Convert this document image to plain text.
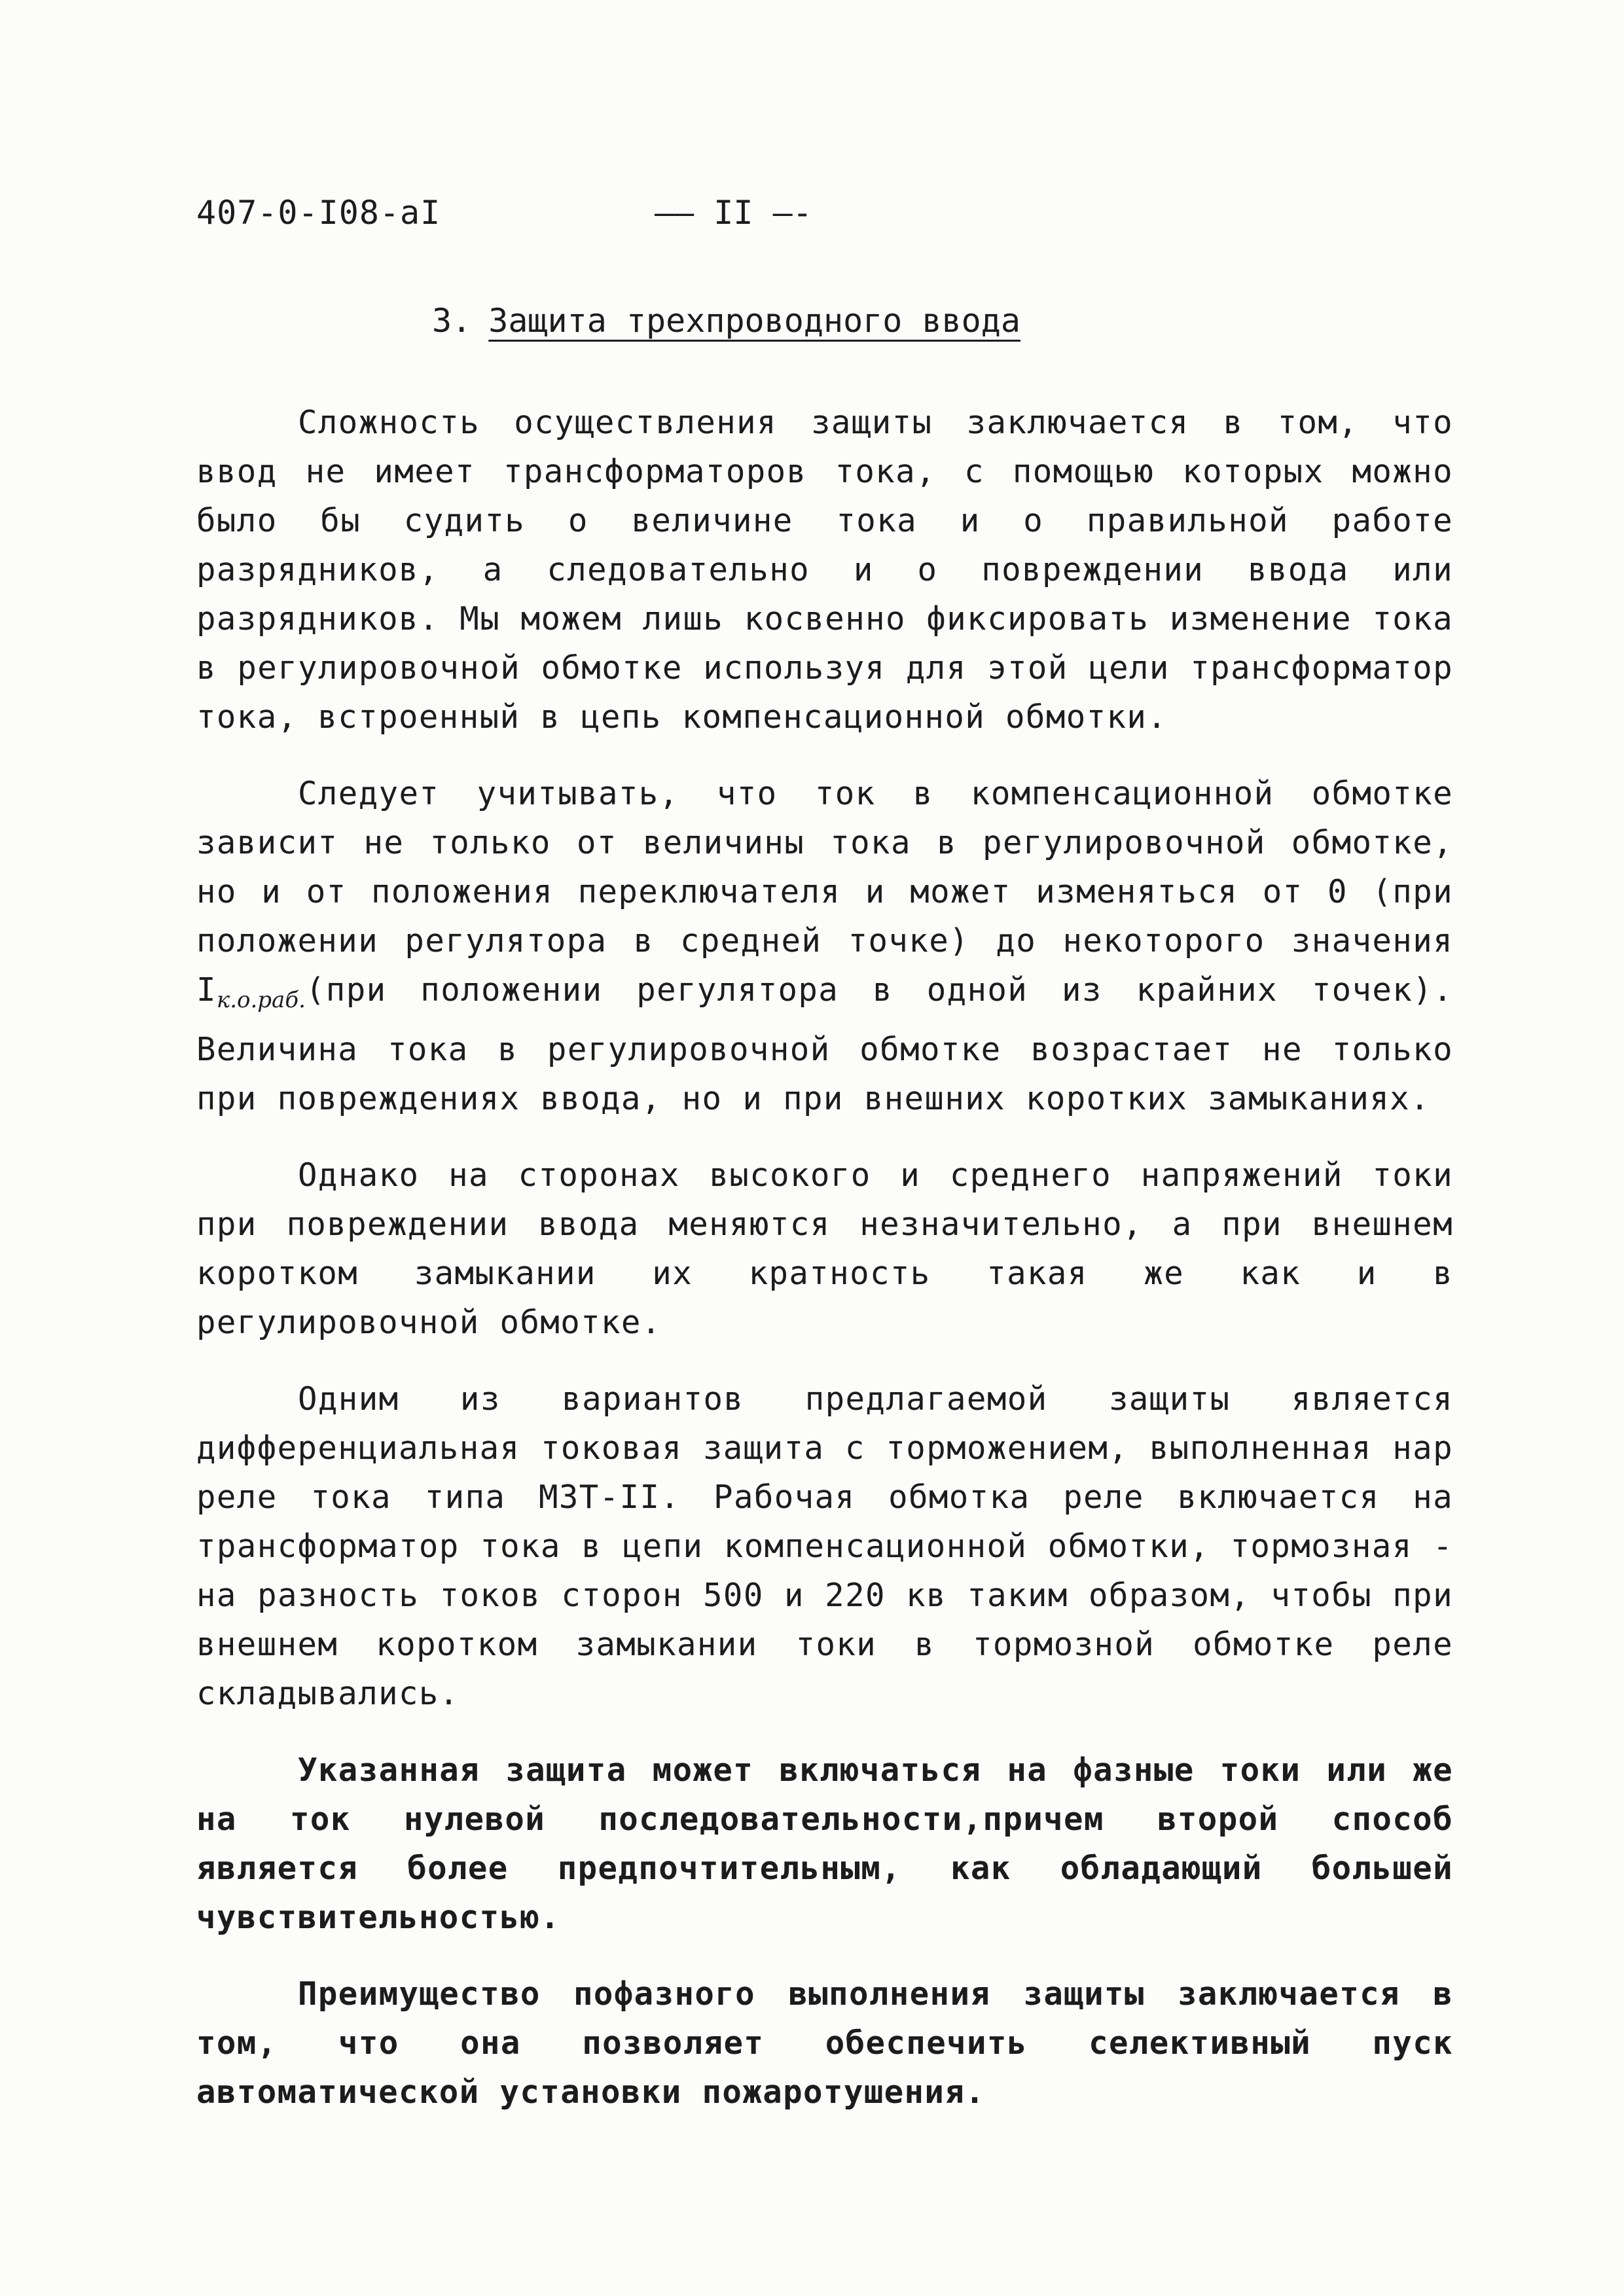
407-0-I08-aI	—— II —-
3. Защита трехпроводного ввода

Сложность осуществления защиты заключается в том, что ввод не имеет трансформаторов тока, с помощью которых можно было бы судить о величине тока и о правильной работе разрядников, а следовательно и о повреждении ввода или разрядников. Мы можем лишь косвенно фиксировать изменение тока в регулировочной обмотке используя для этой цели трансформатор тока, встроенный в цепь компенсационной обмотки.

Следует учитывать, что ток в компенсационной обмотке зависит не только от величины тока в регулировочной обмотке, но и от положения переключателя и может изменяться от 0 (при положении регулятора в средней точке) до некоторого значения $I_{к.о.раб.}(при$ положении регулятора в одной из крайних точек). Величина тока в регулировочной обмотке возрастает не только при повреждениях ввода, но и при внешних коротких замыканиях.

Однако на сторонах высокого и среднего напряжений токи при повреждении ввода меняются незначительно, а при внешнем коротком замыкании их кратность такая же как и в регулировочной обмотке.

Одним из вариантов предлагаемой защиты является дифференциальная токовая защита с торможением, выполненная нар реле тока типа МЗТ-II. Рабочая обмотка реле включается на трансформатор тока в цепи компенсационной обмотки, тормозная - на разность токов сторон 500 и 220 кв таким образом, чтобы при внешнем коротком замыкании токи в тормозной обмотке реле складывались.

Указанная защита может включаться на фазные токи или же на ток нулевой последовательности,причем второй способ является более предпочтительным, как обладающий большей чувствительностью.

Преимущество пофазного выполнения защиты заключается в том, что она позволяет обеспечить селективный пуск автоматической установки пожаротушения.
